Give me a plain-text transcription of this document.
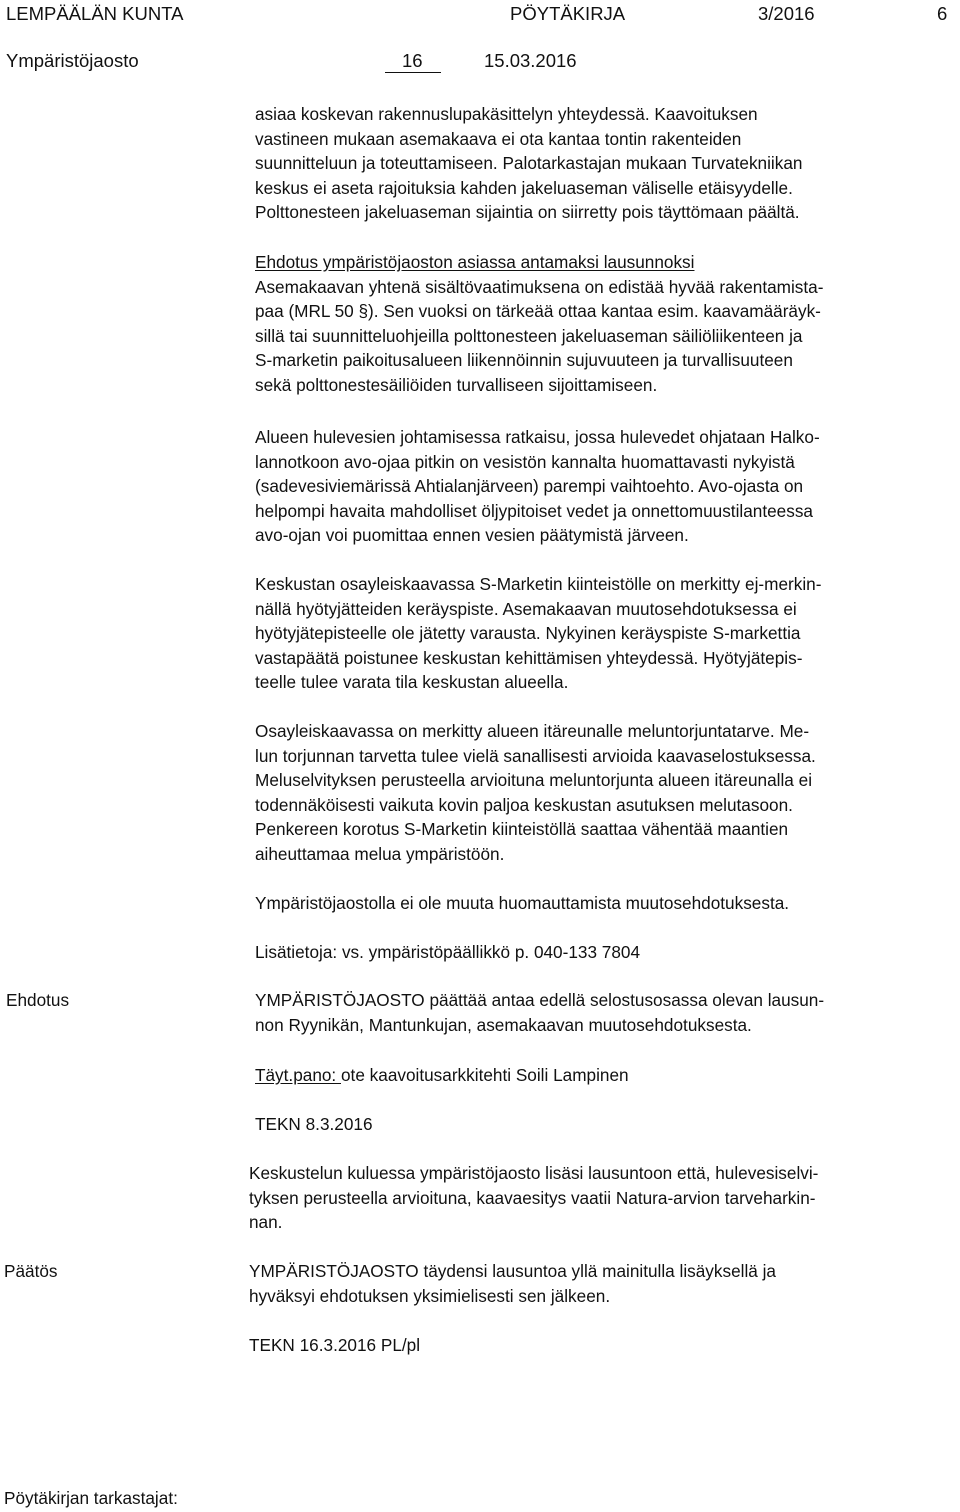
LEMPÄÄLÄN KUNTA	PÖYTÄKIRJA	3/2016	6
Ympäristöjaosto	16	15.03.2016
asiaa koskevan rakennuslupakäsittelyn yhteydessä. Kaavoituksen
vastineen mukaan asemakaava ei ota kantaa tontin rakenteiden
suunnitteluun ja toteuttamiseen. Palotarkastajan mukaan Turvatekniikan
keskus ei aseta rajoituksia kahden jakeluaseman väliselle etäisyydelle.
Polttonesteen jakeluaseman sijaintia on siirretty pois täyttömaan päältä.
Ehdotus ympäristöjaoston asiassa antamaksi lausunnoksi
Asemakaavan yhtenä sisältövaatimuksena on edistää hyvää rakentamista-
paa (MRL 50 §). Sen vuoksi on tärkeää ottaa kantaa esim. kaavamääräyk-
sillä tai suunnitteluohjeilla polttonesteen jakeluaseman säiliöliikenteen ja
S-marketin paikoitusalueen liikennöinnin sujuvuuteen ja turvallisuuteen
sekä polttonestesäiliöiden turvalliseen sijoittamiseen.
Alueen hulevesien johtamisessa ratkaisu, jossa hulevedet ohjataan Halko-
lannotkoon avo-ojaa pitkin on vesistön kannalta huomattavasti nykyistä
(sadevesiviemärissä Ahtialanjärveen) parempi vaihtoehto. Avo-ojasta on
helpompi havaita mahdolliset öljypitoiset vedet ja onnettomuustilanteessa
avo-ojan voi puomittaa ennen vesien päätymistä järveen.
Keskustan osayleiskaavassa S-Marketin kiinteistölle on merkitty ej-merkin-
nällä hyötyjätteiden keräyspiste. Asemakaavan muutosehdotuksessa ei
hyötyjätepisteelle ole jätetty varausta. Nykyinen keräyspiste S-markettia
vastapäätä poistunee keskustan kehittämisen yhteydessä. Hyötyjätepis-
teelle tulee varata tila keskustan alueella.
Osayleiskaavassa on merkitty alueen itäreunalle meluntorjuntatarve. Me-
lun torjunnan tarvetta tulee vielä sanallisesti arvioida kaavaselostuksessa.
Meluselvityksen perusteella arvioituna meluntorjunta alueen itäreunalla ei
todennäköisesti vaikuta kovin paljoa keskustan asutuksen melutasoon.
Penkereen korotus S-Marketin kiinteistöllä saattaa vähentää maantien
aiheuttamaa melua ympäristöön.
Ympäristöjaostolla ei ole muuta huomauttamista muutosehdotuksesta.
Lisätietoja: vs. ympäristöpäällikkö p. 040-133 7804
Ehdotus	YMPÄRISTÖJAOSTO päättää antaa edellä selostusosassa olevan lausun-
non Ryynikän, Mantunkujan, asemakaavan muutosehdotuksesta.
Täyt.pano: ote kaavoitusarkkitehti Soili Lampinen
TEKN 8.3.2016
Keskustelun kuluessa ympäristöjaosto lisäsi lausuntoon että, hulevesiselvi-
tyksen perusteella arvioituna, kaavaesitys vaatii Natura-arvion tarveharkin-
nan.
Päätös	YMPÄRISTÖJAOSTO täydensi lausuntoa yllä mainitulla lisäyksellä ja
hyväksyi ehdotuksen yksimielisesti sen jälkeen.
TEKN 16.3.2016 PL/pl
Pöytäkirjan tarkastajat:
